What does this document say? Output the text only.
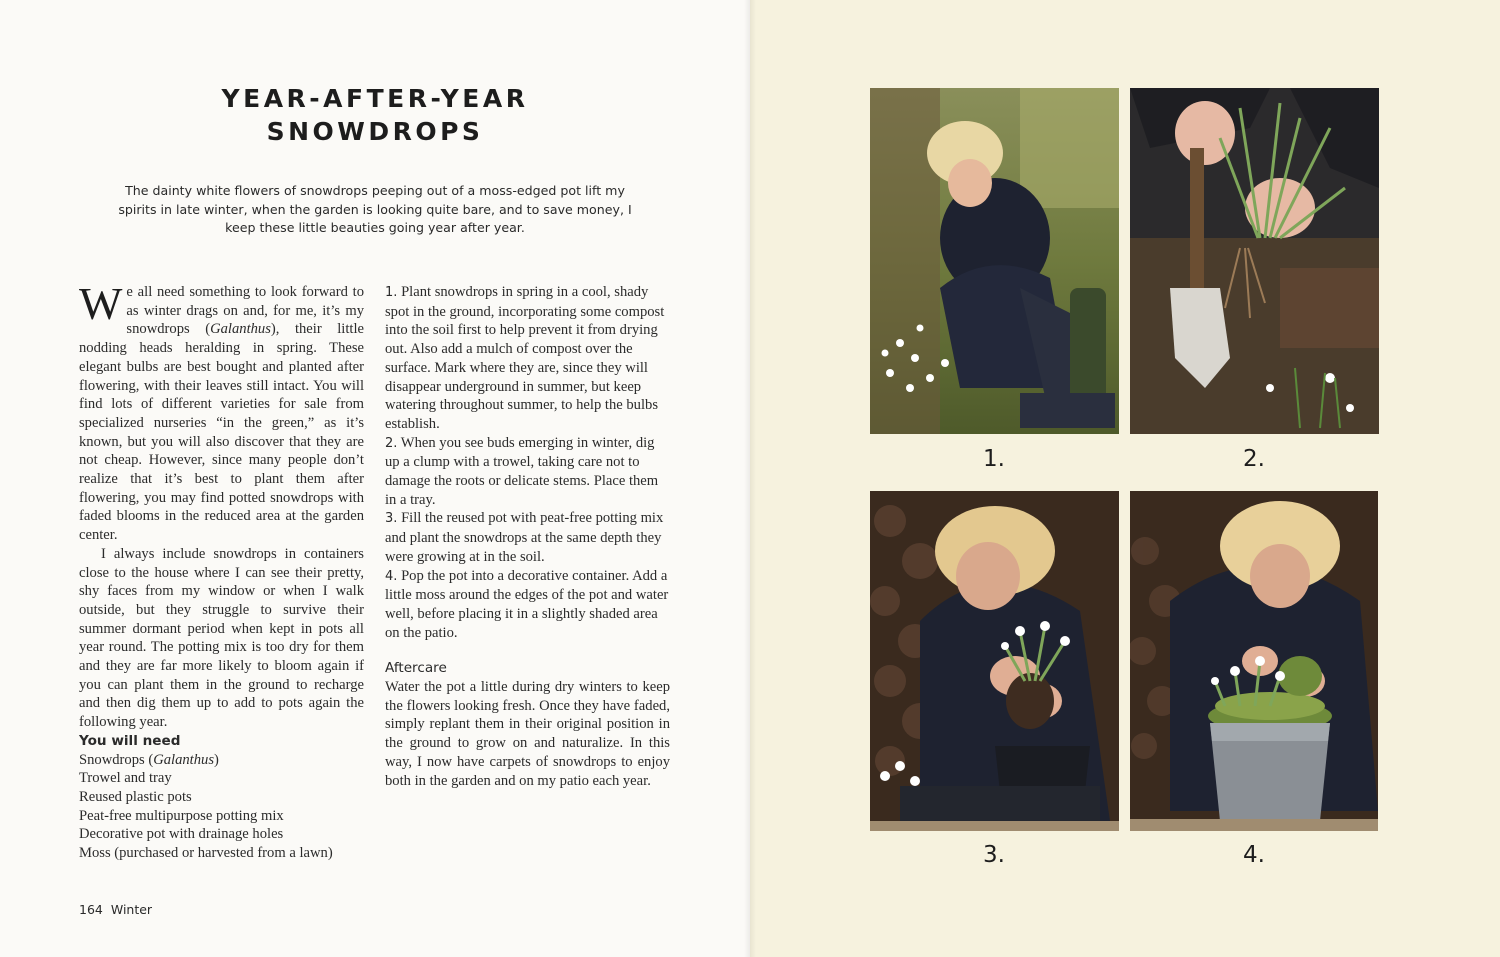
YEAR-AFTER-YEAR
SNOWDROPS

The dainty white flowers of snowdrops peeping out of a moss-edged pot lift my spirits in late winter, when the garden is looking quite bare, and to save money, I keep these little beauties going year after year.

We all need something to look forward to as winter drags on and, for me, it’s my snowdrops (Galanthus), their little nodding heads heralding in spring. These elegant bulbs are best bought and planted after flowering, with their leaves still intact. You will find lots of different varieties for sale from specialized nurseries “in the green,” as it’s known, but you will also discover that they are not cheap. However, since many people don’t realize that it’s best to plant them after flowering, you may find potted snowdrops with faded blooms in the reduced area at the garden center.

I always include snowdrops in containers close to the house where I can see their pretty, shy faces from my window or when I walk outside, but they struggle to survive their summer dormant period when kept in pots all year round. The potting mix is too dry for them and they are far more likely to bloom again if you can plant them in the ground to recharge and then dig them up to add to pots again the following year.

You will need

Snowdrops (Galanthus)
Trowel and tray
Reused plastic pots
Peat-free multipurpose potting mix
Decorative pot with drainage holes
Moss (purchased or harvested from a lawn)

1. Plant snowdrops in spring in a cool, shady spot in the ground, incorporating some compost into the soil first to help prevent it from drying out. Also add a mulch of compost over the surface. Mark where they are, since they will disappear underground in summer, but keep watering throughout summer, to help the bulbs establish.

2. When you see buds emerging in winter, dig up a clump with a trowel, taking care not to damage the roots or delicate stems. Place them in a tray.

3. Fill the reused pot with peat-free potting mix and plant the snowdrops at the same depth they were growing at in the soil.

4. Pop the pot into a decorative container. Add a little moss around the edges of the pot and water well, before placing it in a slightly shaded area on the patio.

Aftercare

Water the pot a little during dry winters to keep the flowers looking fresh. Once they have faded, simply replant them in their original position in the ground to grow on and naturalize. In this way, I now have carpets of snowdrops to enjoy both in the garden and on my patio each year.

164 Winter
1.	2.
3.	4.
